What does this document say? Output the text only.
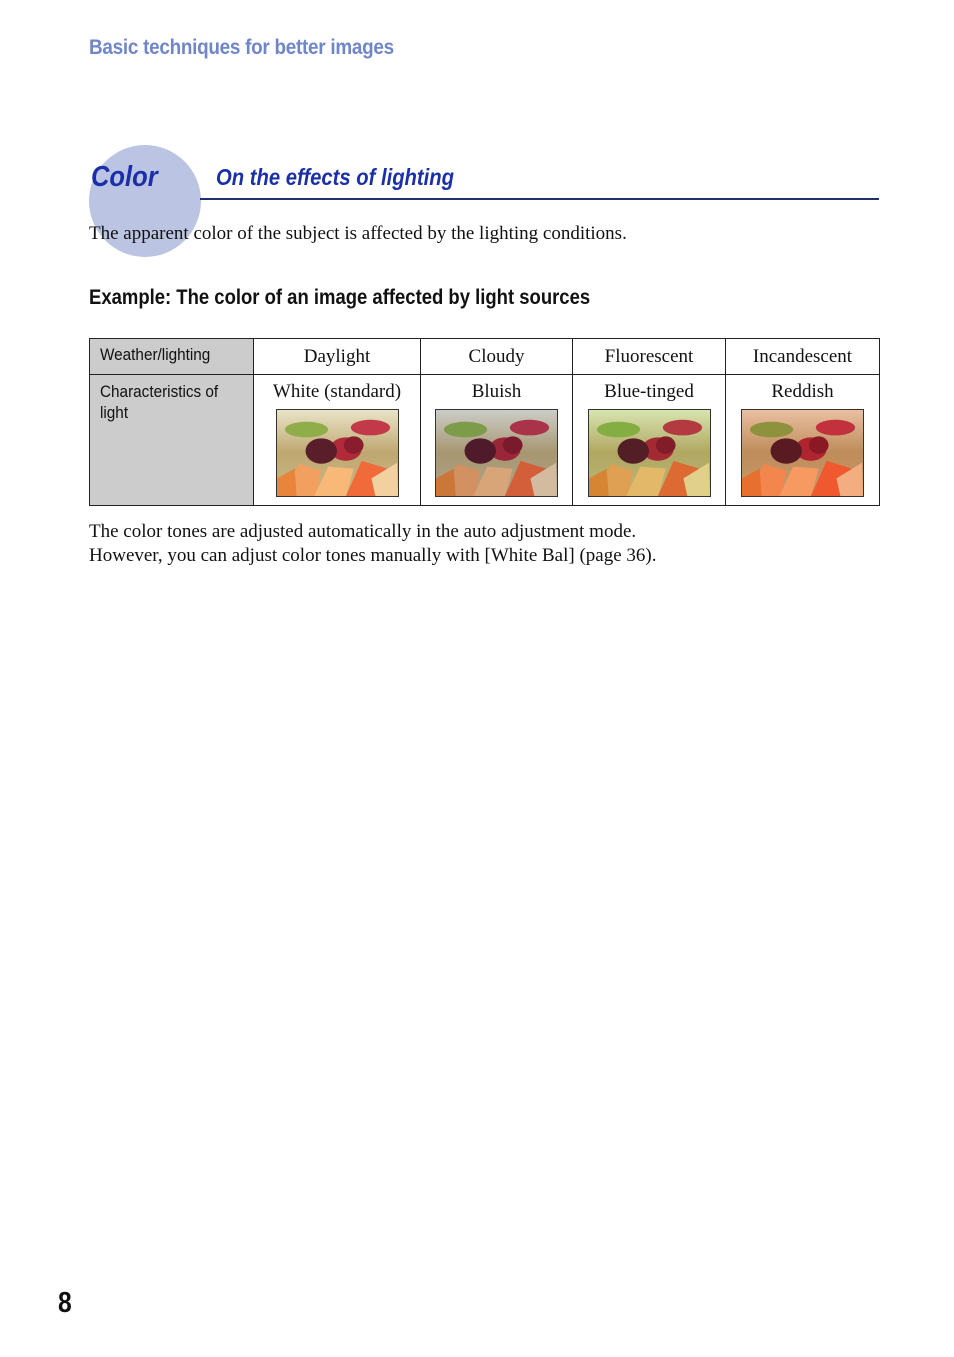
Basic techniques for better images
Color	On the effects of lighting
The apparent color of the subject is affected by the lighting conditions.
Example: The color of an image affected by light sources
Weather/lighting	Daylight	Cloudy	Fluorescent	Incandescent
Characteristics of light	White (standard)	Bluish	Blue-tinged	Reddish
The color tones are adjusted automatically in the auto adjustment mode.
However, you can adjust color tones manually with [White Bal] (page 36).
8
